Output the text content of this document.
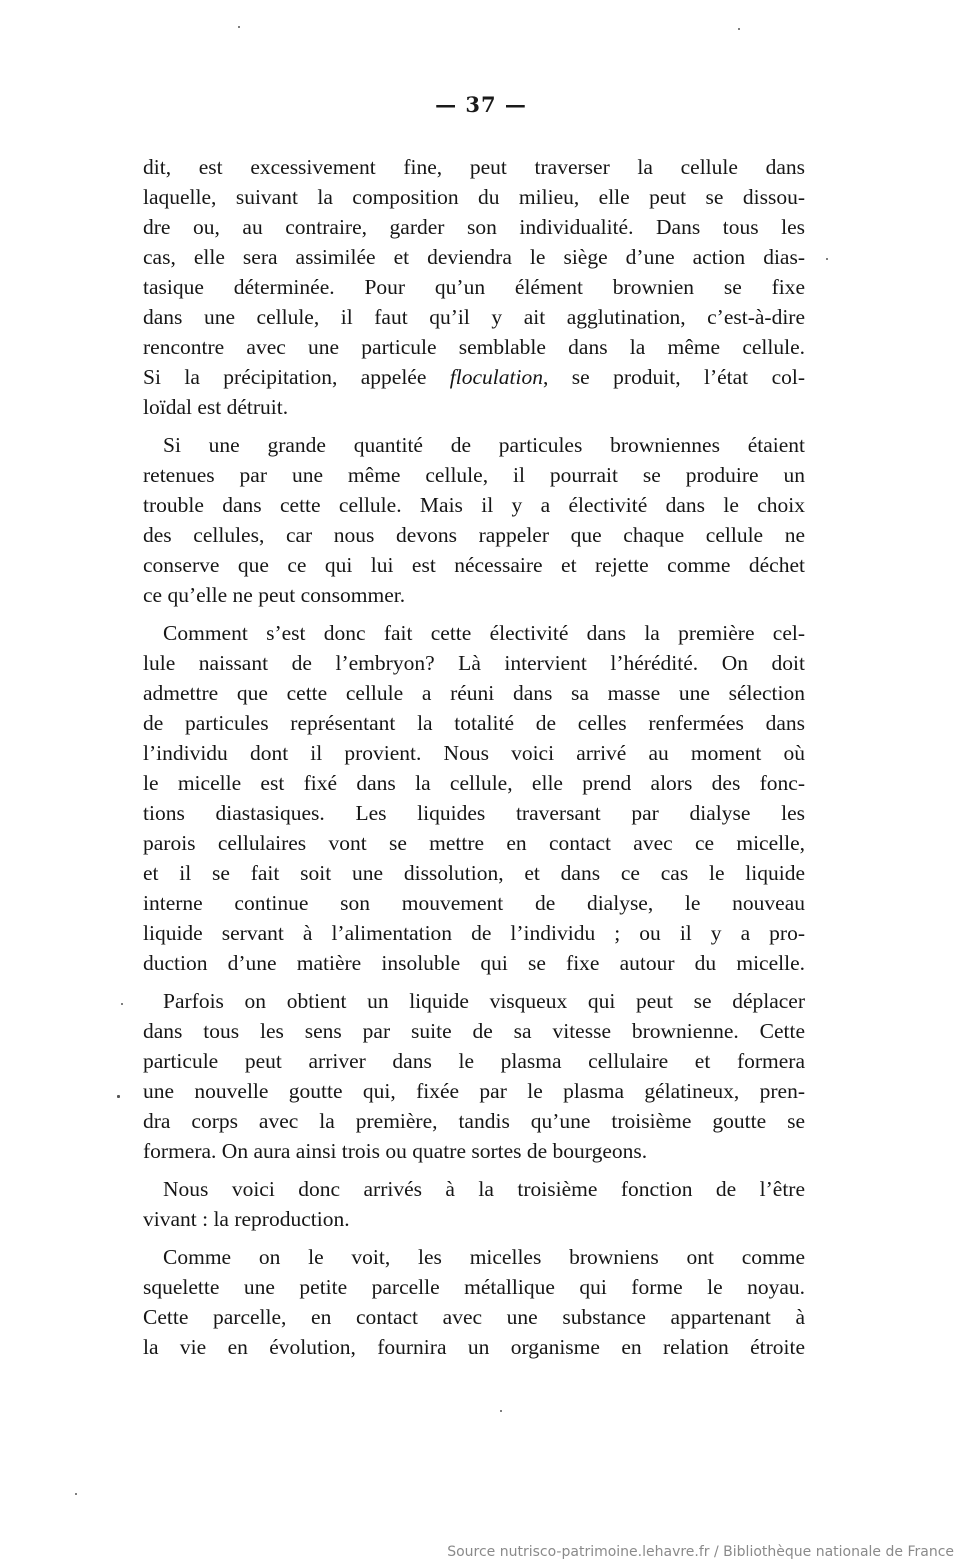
— 37 —
dit, est excessivement fine, peut traverser la cellule dans
laquelle, suivant la composition du milieu, elle peut se dissou-
dre ou, au contraire, garder son individualité. Dans tous les
cas, elle sera assimilée et deviendra le siège d’une action dias-
tasique déterminée. Pour qu’un élément brownien se fixe
dans une cellule, il faut qu’il y ait agglutination, c’est-à-dire
rencontre avec une particule semblable dans la même cellule.
Si la précipitation, appelée floculation, se produit, l’état col-
loïdal est détruit.
Si une grande quantité de particules browniennes étaient
retenues par une même cellule, il pourrait se produire un
trouble dans cette cellule. Mais il y a électivité dans le choix
des cellules, car nous devons rappeler que chaque cellule ne
conserve que ce qui lui est nécessaire et rejette comme déchet
ce qu’elle ne peut consommer.
Comment s’est donc fait cette électivité dans la première cel-
lule naissant de l’embryon? Là intervient l’hérédité. On doit
admettre que cette cellule a réuni dans sa masse une sélection
de particules représentant la totalité de celles renfermées dans
l’individu dont il provient. Nous voici arrivé au moment où
le micelle est fixé dans la cellule, elle prend alors des fonc-
tions diastasiques. Les liquides traversant par dialyse les
parois cellulaires vont se mettre en contact avec ce micelle,
et il se fait soit une dissolution, et dans ce cas le liquide
interne continue son mouvement de dialyse, le nouveau
liquide servant à l’alimentation de l’individu ; ou il y a pro-
duction d’une matière insoluble qui se fixe autour du micelle.
Parfois on obtient un liquide visqueux qui peut se déplacer
dans tous les sens par suite de sa vitesse brownienne. Cette
particule peut arriver dans le plasma cellulaire et formera
une nouvelle goutte qui, fixée par le plasma gélatineux, pren-
dra corps avec la première, tandis qu’une troisième goutte se
formera. On aura ainsi trois ou quatre sortes de bourgeons.
Nous voici donc arrivés à la troisième fonction de l’être
vivant : la reproduction.
Comme on le voit, les micelles browniens ont comme
squelette une petite parcelle métallique qui forme le noyau.
Cette parcelle, en contact avec une substance appartenant à
la vie en évolution, fournira un organisme en relation étroite
Source nutrisco-patrimoine.lehavre.fr / Bibliothèque nationale de France
